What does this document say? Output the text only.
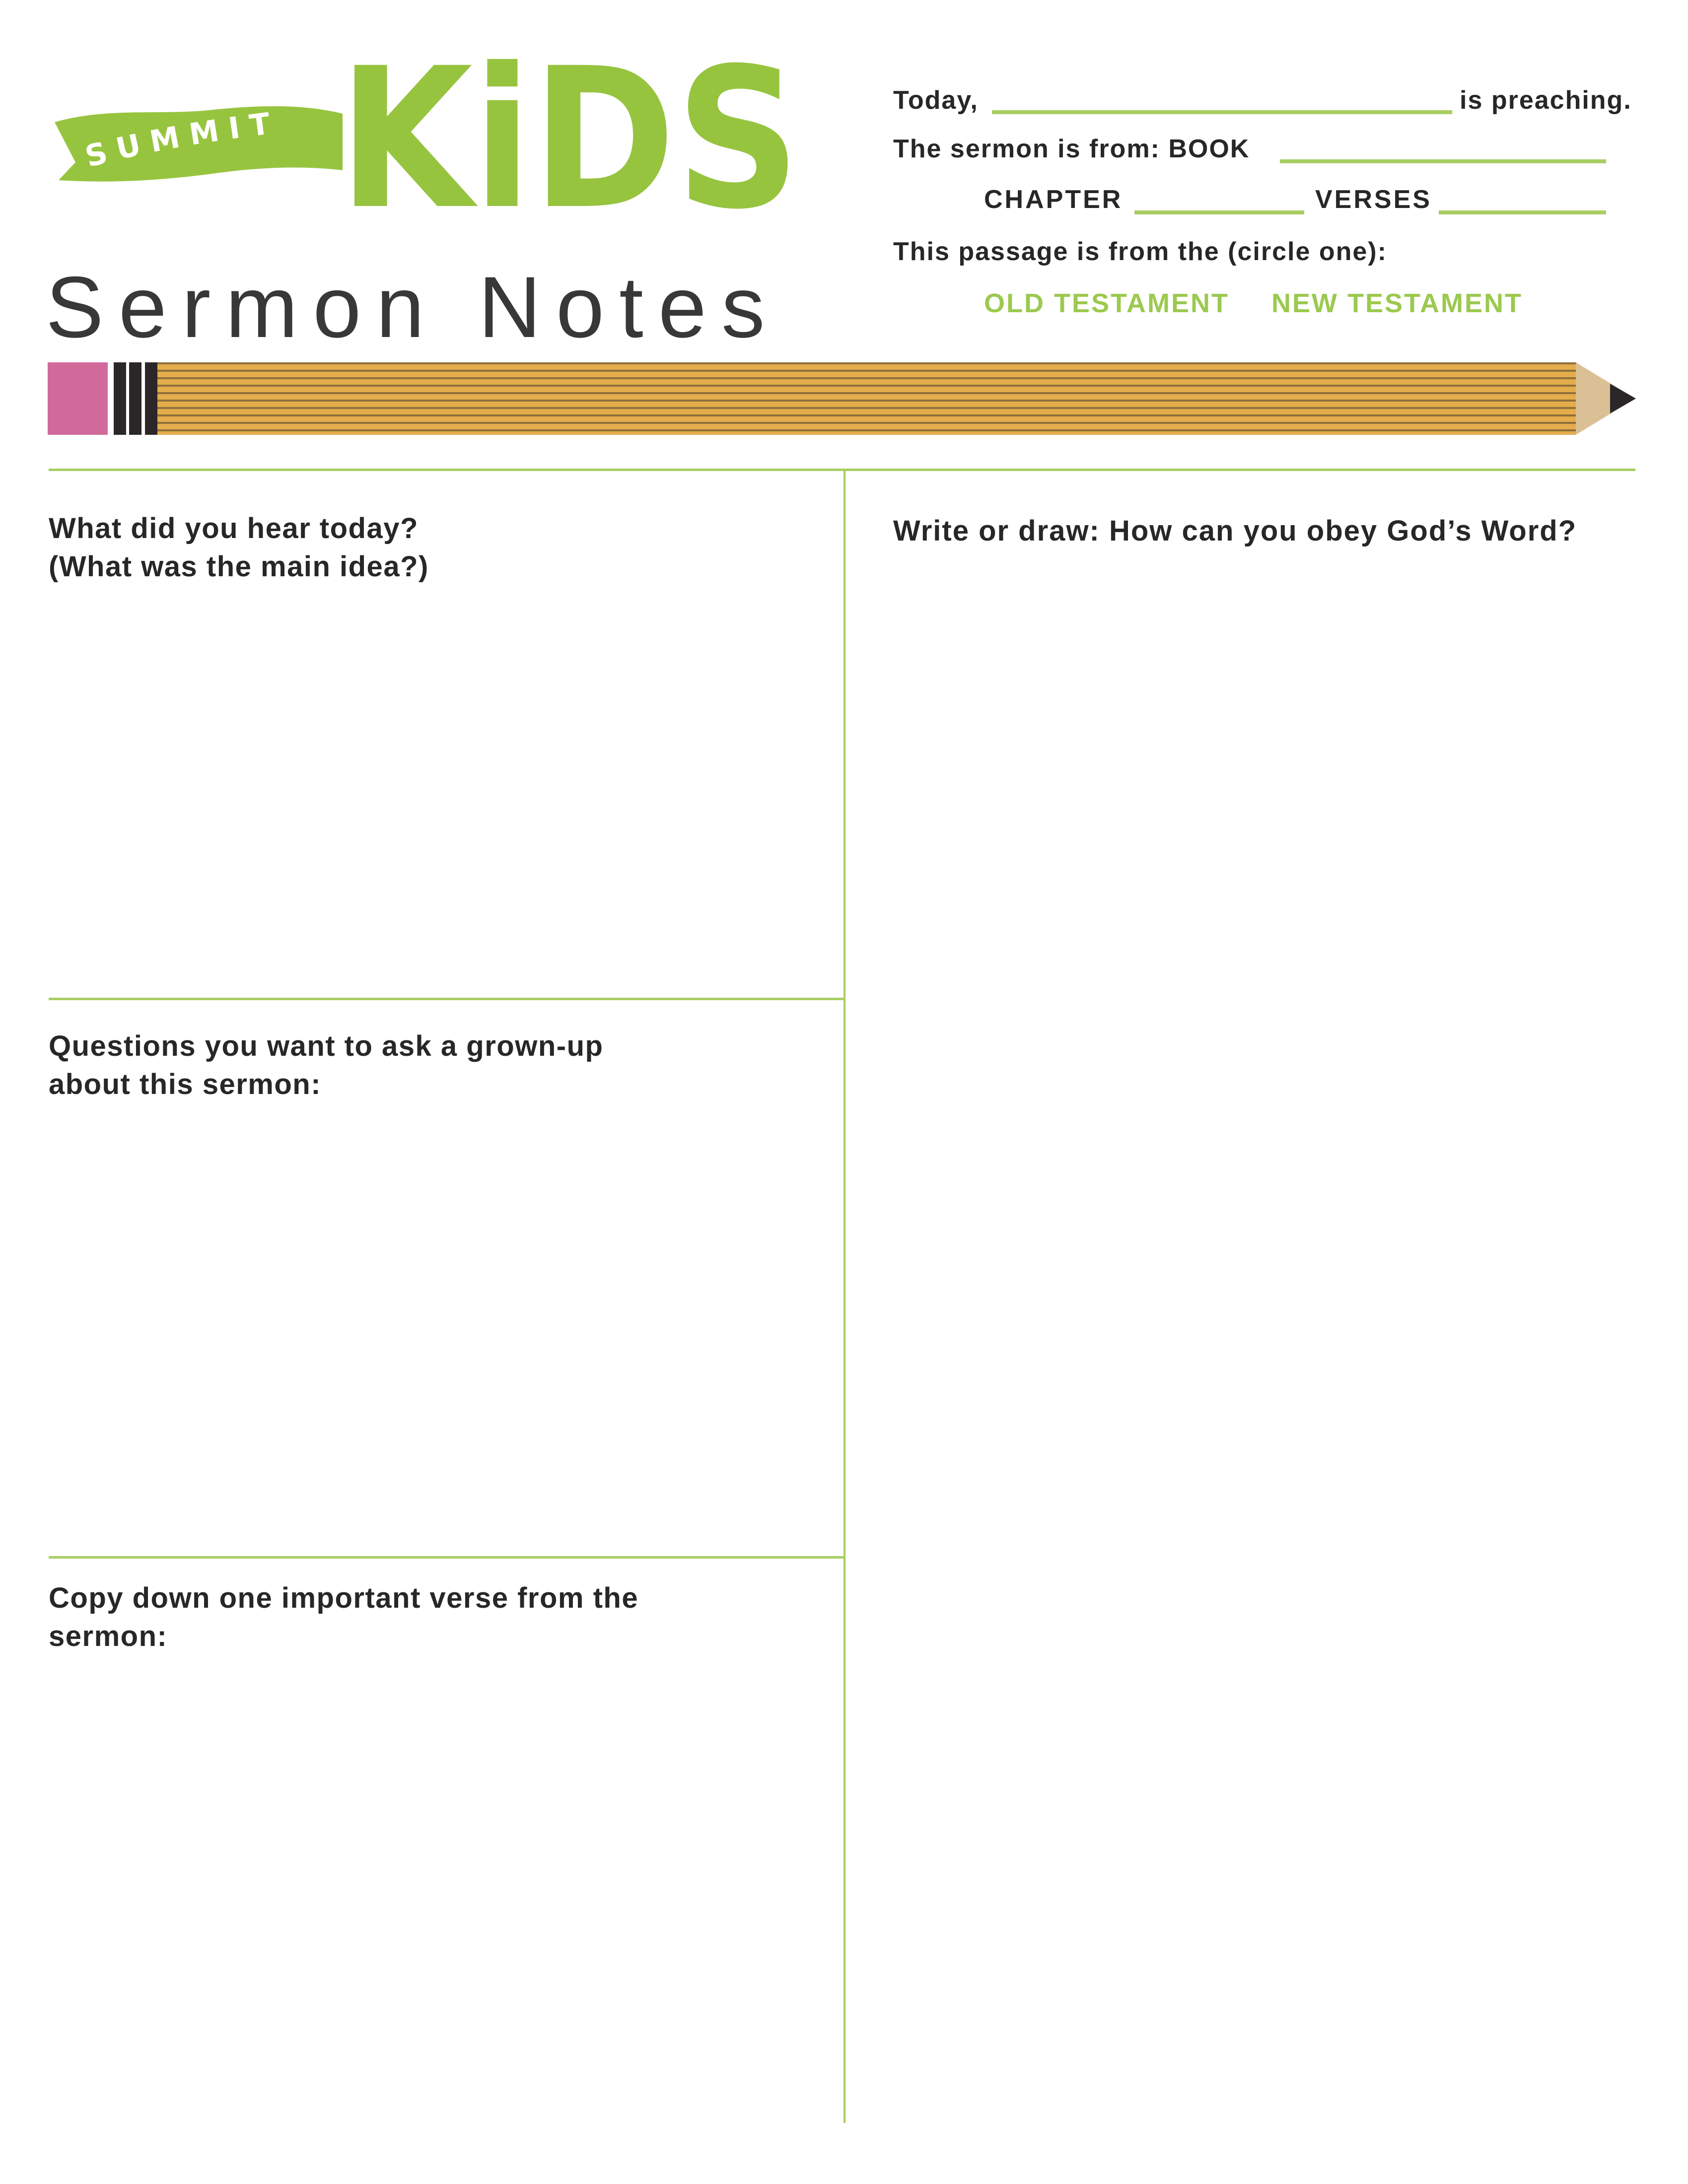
SUMMIT KiDS
Sermon Notes
Today,	is preaching.
The sermon is from: BOOK
CHAPTER	VERSES
This passage is from the (circle one):
OLD TESTAMENT NEW TESTAMENT
What did you hear today?
(What was the main idea?)
Questions you want to ask a grown-up
about this sermon:
Copy down one important verse from the
sermon:
Write or draw: How can you obey God’s Word?
